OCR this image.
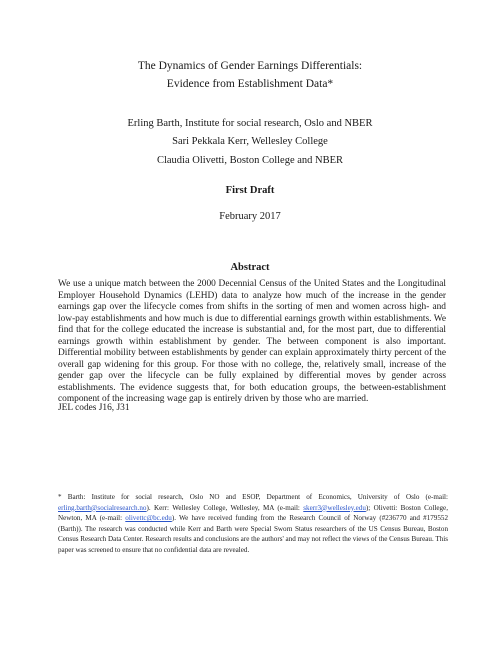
The Dynamics of Gender Earnings Differentials:
Evidence from Establishment Data*
Erling Barth, Institute for social research, Oslo and NBER
Sari Pekkala Kerr, Wellesley College
Claudia Olivetti, Boston College and NBER
First Draft
February 2017
Abstract
We use a unique match between the 2000 Decennial Census of the United States and the Longitudinal Employer Household Dynamics (LEHD) data to analyze how much of the increase in the gender earnings gap over the lifecycle comes from shifts in the sorting of men and women across high- and low-pay establishments and how much is due to differential earnings growth within establishments. We find that for the college educated the increase is substantial and, for the most part, due to differential earnings growth within establishment by gender. The between component is also important. Differential mobility between establishments by gender can explain approximately thirty percent of the overall gap widening for this group. For those with no college, the, relatively small, increase of the gender gap over the lifecycle can be fully explained by differential moves by gender across establishments. The evidence suggests that, for both education groups, the between-establishment component of the increasing wage gap is entirely driven by those who are married.
JEL codes J16, J31
* Barth: Institute for social research, Oslo NO and ESOP, Department of Economics, University of Oslo (e-mail: erling.barth@socialresearch.no). Kerr: Wellesley College, Wellesley, MA (e-mail: skerr3@wellesley.edu); Olivetti: Boston College, Newton, MA (e-mail: olivettc@bc.edu). We have received funding from the Research Council of Norway (#236770 and #179552 (Barth)). The research was conducted while Kerr and Barth were Special Sworn Status researchers of the US Census Bureau, Boston Census Research Data Center. Research results and conclusions are the authors' and may not reflect the views of the Census Bureau. This paper was screened to ensure that no confidential data are revealed.
